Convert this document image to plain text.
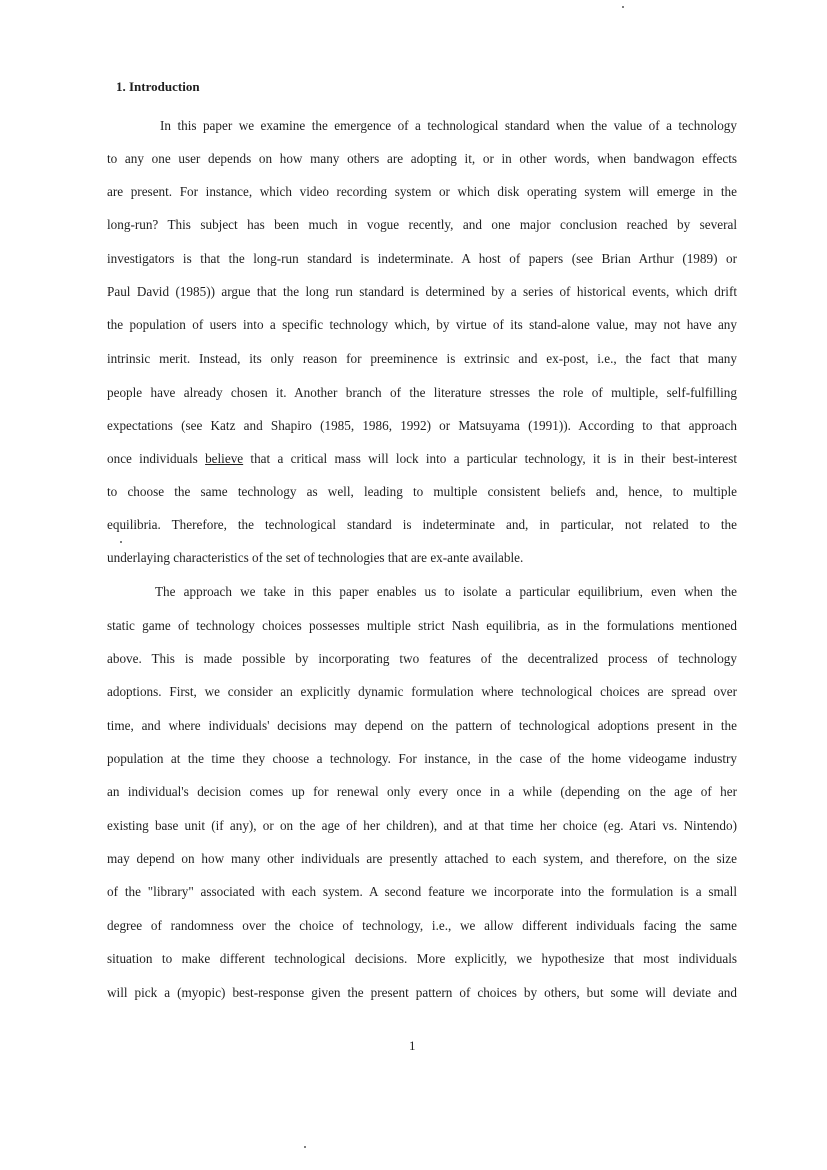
1. Introduction
In this paper we examine the emergence of a technological standard when the value of a technology
to any one user depends on how many others are adopting it, or in other words, when bandwagon effects
are present. For instance, which video recording system or which disk operating system will emerge in the
long-run? This subject has been much in vogue recently, and one major conclusion reached by several
investigators is that the long-run standard is indeterminate. A host of papers (see Brian Arthur (1989) or
Paul David (1985)) argue that the long run standard is determined by a series of historical events, which drift
the population of users into a specific technology which, by virtue of its stand-alone value, may not have any
intrinsic merit. Instead, its only reason for preeminence is extrinsic and ex-post, i.e., the fact that many
people have already chosen it. Another branch of the literature stresses the role of multiple, self-fulfilling
expectations (see Katz and Shapiro (1985, 1986, 1992) or Matsuyama (1991)). According to that approach
once individuals believe that a critical mass will lock into a particular technology, it is in their best-interest
to choose the same technology as well, leading to multiple consistent beliefs and, hence, to multiple
equilibria. Therefore, the technological standard is indeterminate and, in particular, not related to the
underlaying characteristics of the set of technologies that are ex-ante available.
The approach we take in this paper enables us to isolate a particular equilibrium, even when the
static game of technology choices possesses multiple strict Nash equilibria, as in the formulations mentioned
above. This is made possible by incorporating two features of the decentralized process of technology
adoptions. First, we consider an explicitly dynamic formulation where technological choices are spread over
time, and where individuals' decisions may depend on the pattern of technological adoptions present in the
population at the time they choose a technology. For instance, in the case of the home videogame industry
an individual's decision comes up for renewal only every once in a while (depending on the age of her
existing base unit (if any), or on the age of her children), and at that time her choice (eg. Atari vs. Nintendo)
may depend on how many other individuals are presently attached to each system, and therefore, on the size
of the "library" associated with each system. A second feature we incorporate into the formulation is a small
degree of randomness over the choice of technology, i.e., we allow different individuals facing the same
situation to make different technological decisions. More explicitly, we hypothesize that most individuals
will pick a (myopic) best-response given the present pattern of choices by others, but some will deviate and
1
